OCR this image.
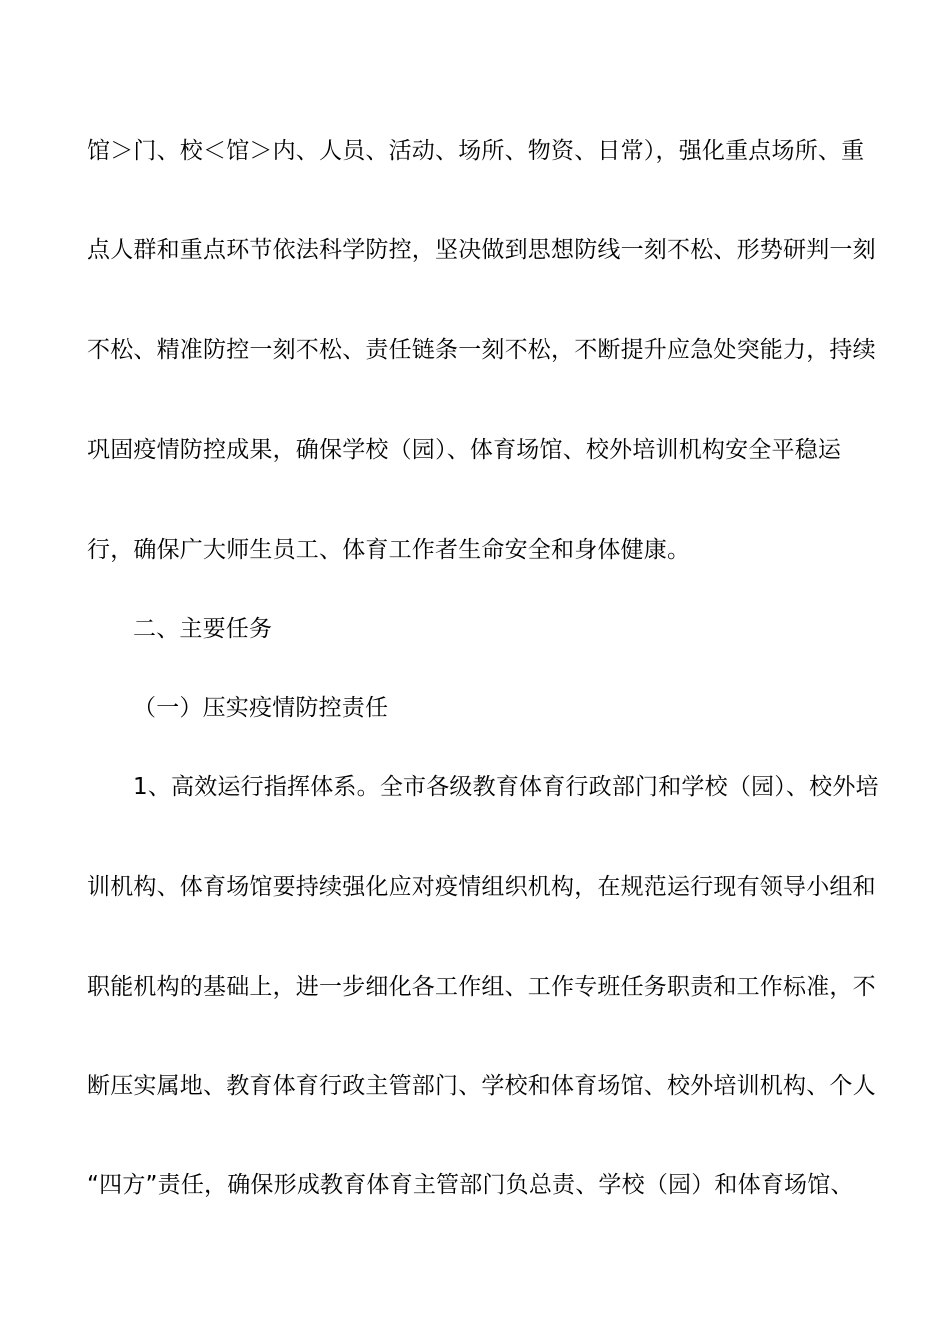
馆＞门、校＜馆＞内、人员、活动、场所、物资、日常），强化重点场所、重
点人群和重点环节依法科学防控，坚决做到思想防线一刻不松、形势研判一刻
不松、精准防控一刻不松、责任链条一刻不松，不断提升应急处突能力，持续
巩固疫情防控成果，确保学校（园）、体育场馆、校外培训机构安全平稳运
行，确保广大师生员工、体育工作者生命安全和身体健康。
二、主要任务
（一）压实疫情防控责任
1、高效运行指挥体系。全市各级教育体育行政部门和学校（园）、校外培
训机构、体育场馆要持续强化应对疫情组织机构，在规范运行现有领导小组和
职能机构的基础上，进一步细化各工作组、工作专班任务职责和工作标准，不
断压实属地、教育体育行政主管部门、学校和体育场馆、校外培训机构、个人
“四方”责任，确保形成教育体育主管部门负总责、学校（园）和体育场馆、
